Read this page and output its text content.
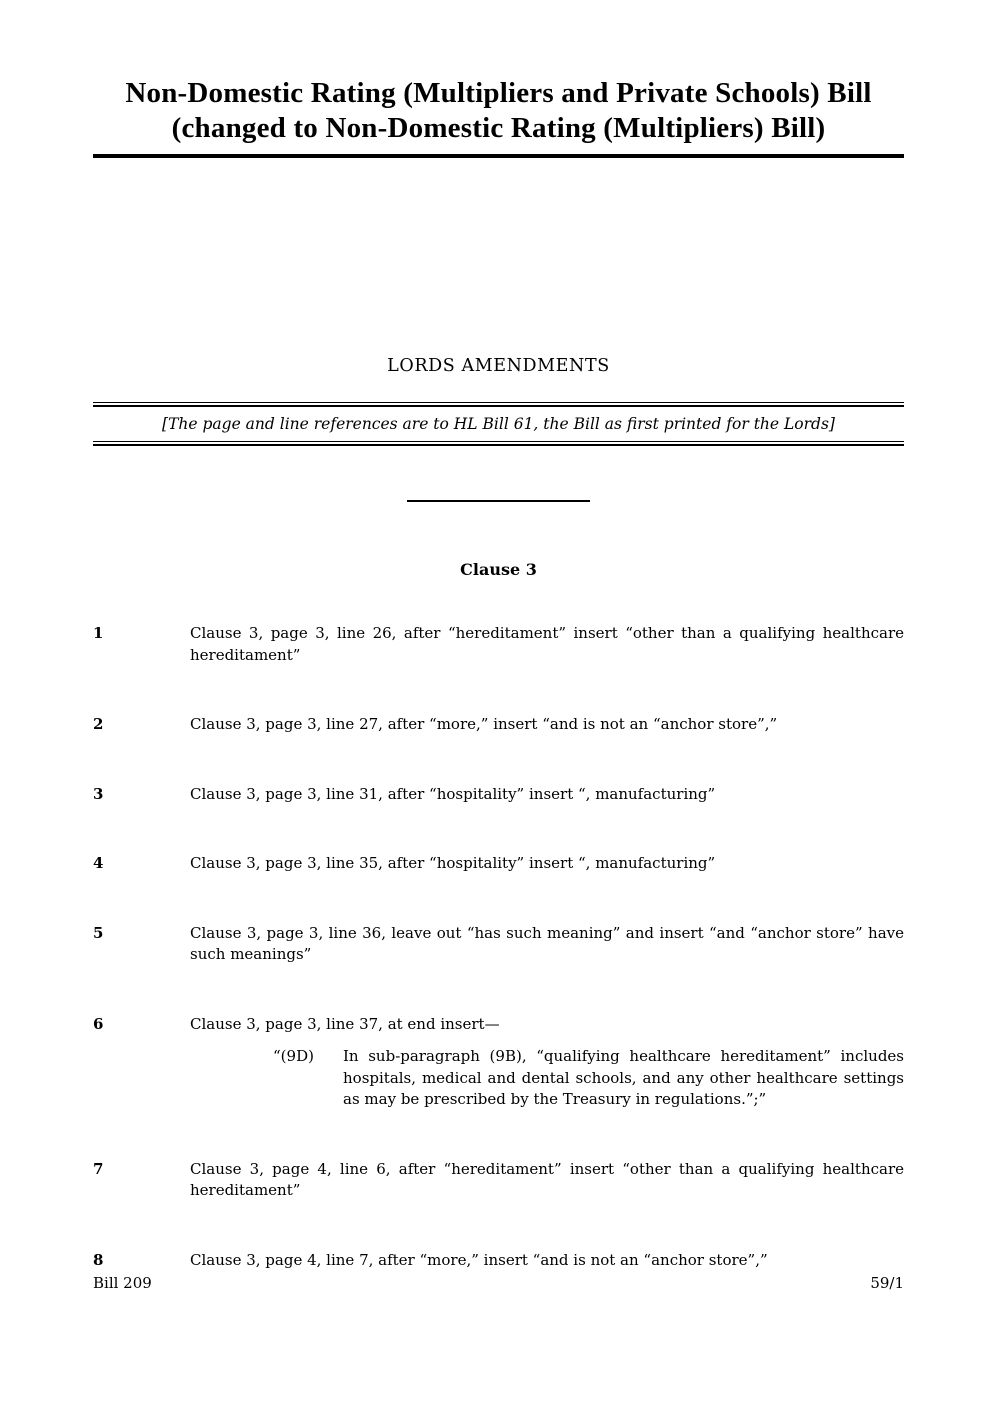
Non-Domestic Rating (Multipliers and Private Schools) Bill
(changed to Non-Domestic Rating (Multipliers) Bill)
LORDS AMENDMENTS
[The page and line references are to HL Bill 61, the Bill as first printed for the Lords]
Clause 3
1	Clause 3, page 3, line 26, after “hereditament” insert “other than a qualifying healthcare hereditament”

2	Clause 3, page 3, line 27, after “more,” insert “and is not an “anchor store”,”

3	Clause 3, page 3, line 31, after “hospitality” insert “, manufacturing”

4	Clause 3, page 3, line 35, after “hospitality” insert “, manufacturing”

5	Clause 3, page 3, line 36, leave out “has such meaning” and insert “and “anchor store” have such meanings”

6	Clause 3, page 3, line 37, at end insert—

“(9D)	In sub-paragraph (9B), “qualifying healthcare hereditament” includes hospitals, medical and dental schools, and any other healthcare settings as may be prescribed by the Treasury in regulations.”;”

7	Clause 3, page 4, line 6, after “hereditament” insert “other than a qualifying healthcare hereditament”

8	Clause 3, page 4, line 7, after “more,” insert “and is not an “anchor store”,”

Bill 209	59/1
